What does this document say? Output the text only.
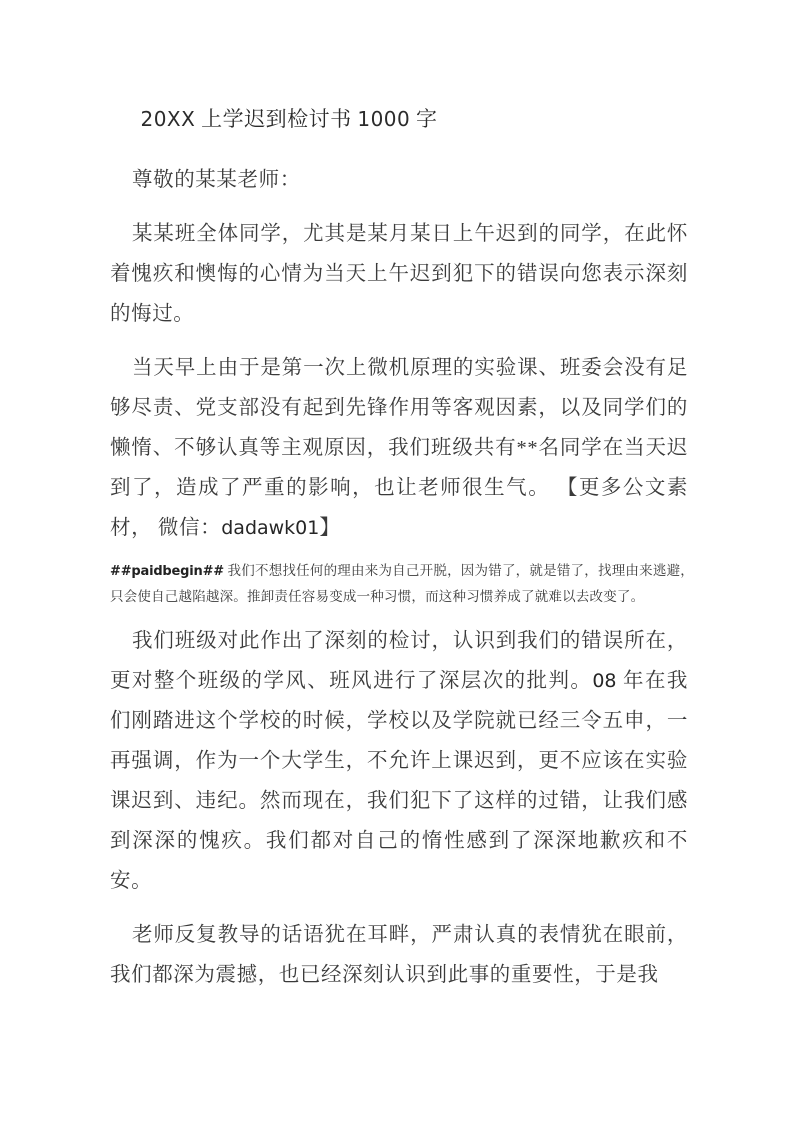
20XX 上学迟到检讨书 1000 字

尊敬的某某老师：

某某班全体同学，尤其是某月某日上午迟到的同学，在此怀着愧疚和懊悔的心情为当天上午迟到犯下的错误向您表示深刻的悔过。

当天早上由于是第一次上微机原理的实验课、班委会没有足够尽责、党支部没有起到先锋作用等客观因素，以及同学们的懒惰、不够认真等主观原因，我们班级共有**名同学在当天迟到了，造成了严重的影响，也让老师很生气。 【更多公文素材， 微信：dadawk01】

##paidbegin## 我们不想找任何的理由来为自己开脱，因为错了，就是错了，找理由来逃避，只会使自己越陷越深。推卸责任容易变成一种习惯，而这种习惯养成了就难以去改变了。

我们班级对此作出了深刻的检讨，认识到我们的错误所在，更对整个班级的学风、班风进行了深层次的批判。08 年在我们刚踏进这个学校的时候，学校以及学院就已经三令五申，一再强调，作为一个大学生，不允许上课迟到，更不应该在实验课迟到、违纪。然而现在，我们犯下了这样的过错，让我们感到深深的愧疚。我们都对自己的惰性感到了深深地歉疚和不安。

老师反复教导的话语犹在耳畔，严肃认真的表情犹在眼前，我们都深为震撼，也已经深刻认识到此事的重要性，于是我
